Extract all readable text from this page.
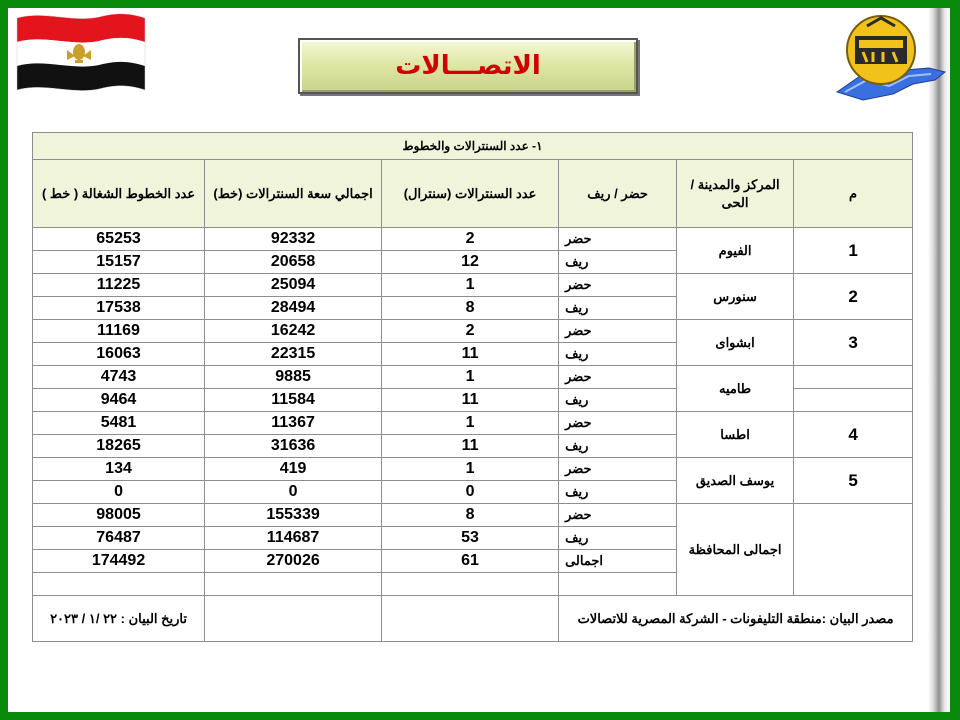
الاتصـــالات
١- عدد السنترالات والخطوط					
م	المركز والمدينة / الحى	حضر / ريف	عدد السنترالات (سنترال)	اجمالي سعة السنترالات (خط)	عدد الخطوط الشغالة ( خط )
1	الفيوم	حضر	2	92332	65253
		ريف	12	20658	15157
2	سنورس	حضر	1	25094	11225
		ريف	8	28494	17538
3	ابشواى	حضر	2	16242	11169
		ريف	11	22315	16063
	طاميه	حضر	1	9885	4743
		ريف	11	11584	9464
4	اطسا	حضر	1	11367	5481
		ريف	11	31636	18265
5	يوسف الصديق	حضر	1	419	134
		ريف	0	0	0
	اجمالى المحافظة	حضر	8	155339	98005
		ريف	53	114687	76487
		اجمالى	61	270026	174492

مصدر البيان :منطقة التليفونات - الشركة المصرية للاتصالات					تاريخ البيان : ٢٢ /١ / ٢٠٢٣
